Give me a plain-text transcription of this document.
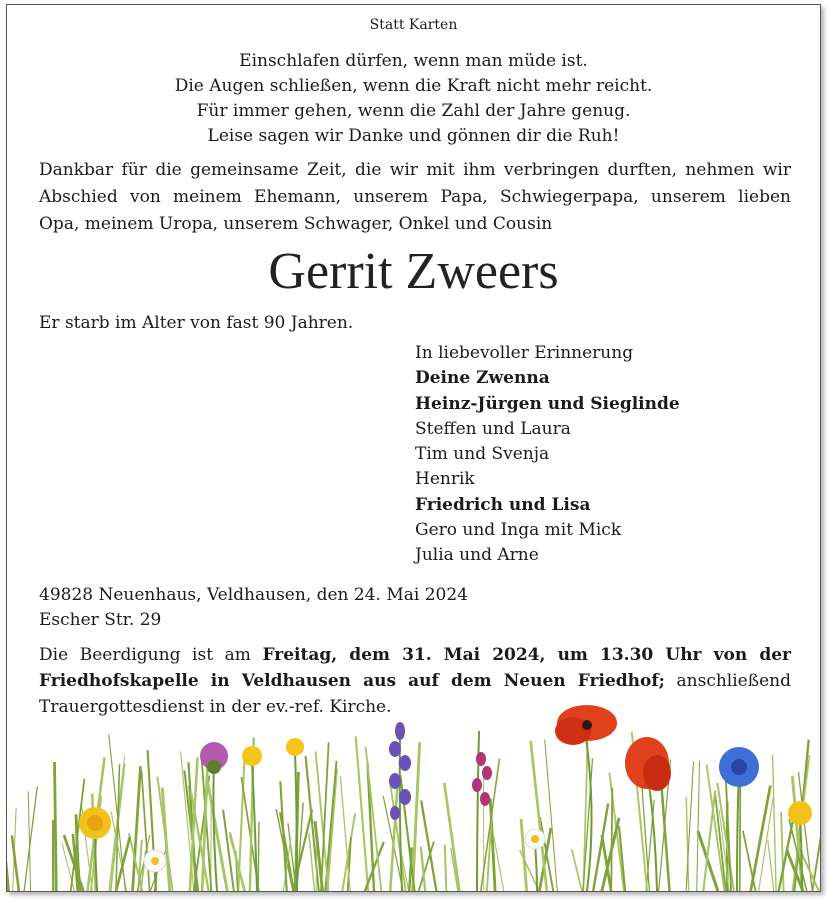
Statt Karten
Einschlafen dürfen, wenn man müde ist.
Die Augen schließen, wenn die Kraft nicht mehr reicht.
Für immer gehen, wenn die Zahl der Jahre genug.
Leise sagen wir Danke und gönnen dir die Ruh!
Dankbar für die gemeinsame Zeit, die wir mit ihm verbringen durften, nehmen wir
Abschied von meinem Ehemann, unserem Papa, Schwiegerpapa, unserem lieben
Opa, meinem Uropa, unserem Schwager, Onkel und Cousin
Gerrit Zweers
Er starb im Alter von fast 90 Jahren.
In liebevoller Erinnerung
Deine Zwenna
Heinz-Jürgen und Sieglinde
Steffen und Laura
Tim und Svenja
Henrik
Friedrich und Lisa
Gero und Inga mit Mick
Julia und Arne
49828 Neuenhaus, Veldhausen, den 24. Mai 2024
Escher Str. 29
Die Beerdigung ist am Freitag, dem 31. Mai 2024, um 13.30 Uhr von der
Friedhofskapelle in Veldhausen aus auf dem Neuen Friedhof; anschließend
Trauergottesdienst in der ev.-ref. Kirche.
